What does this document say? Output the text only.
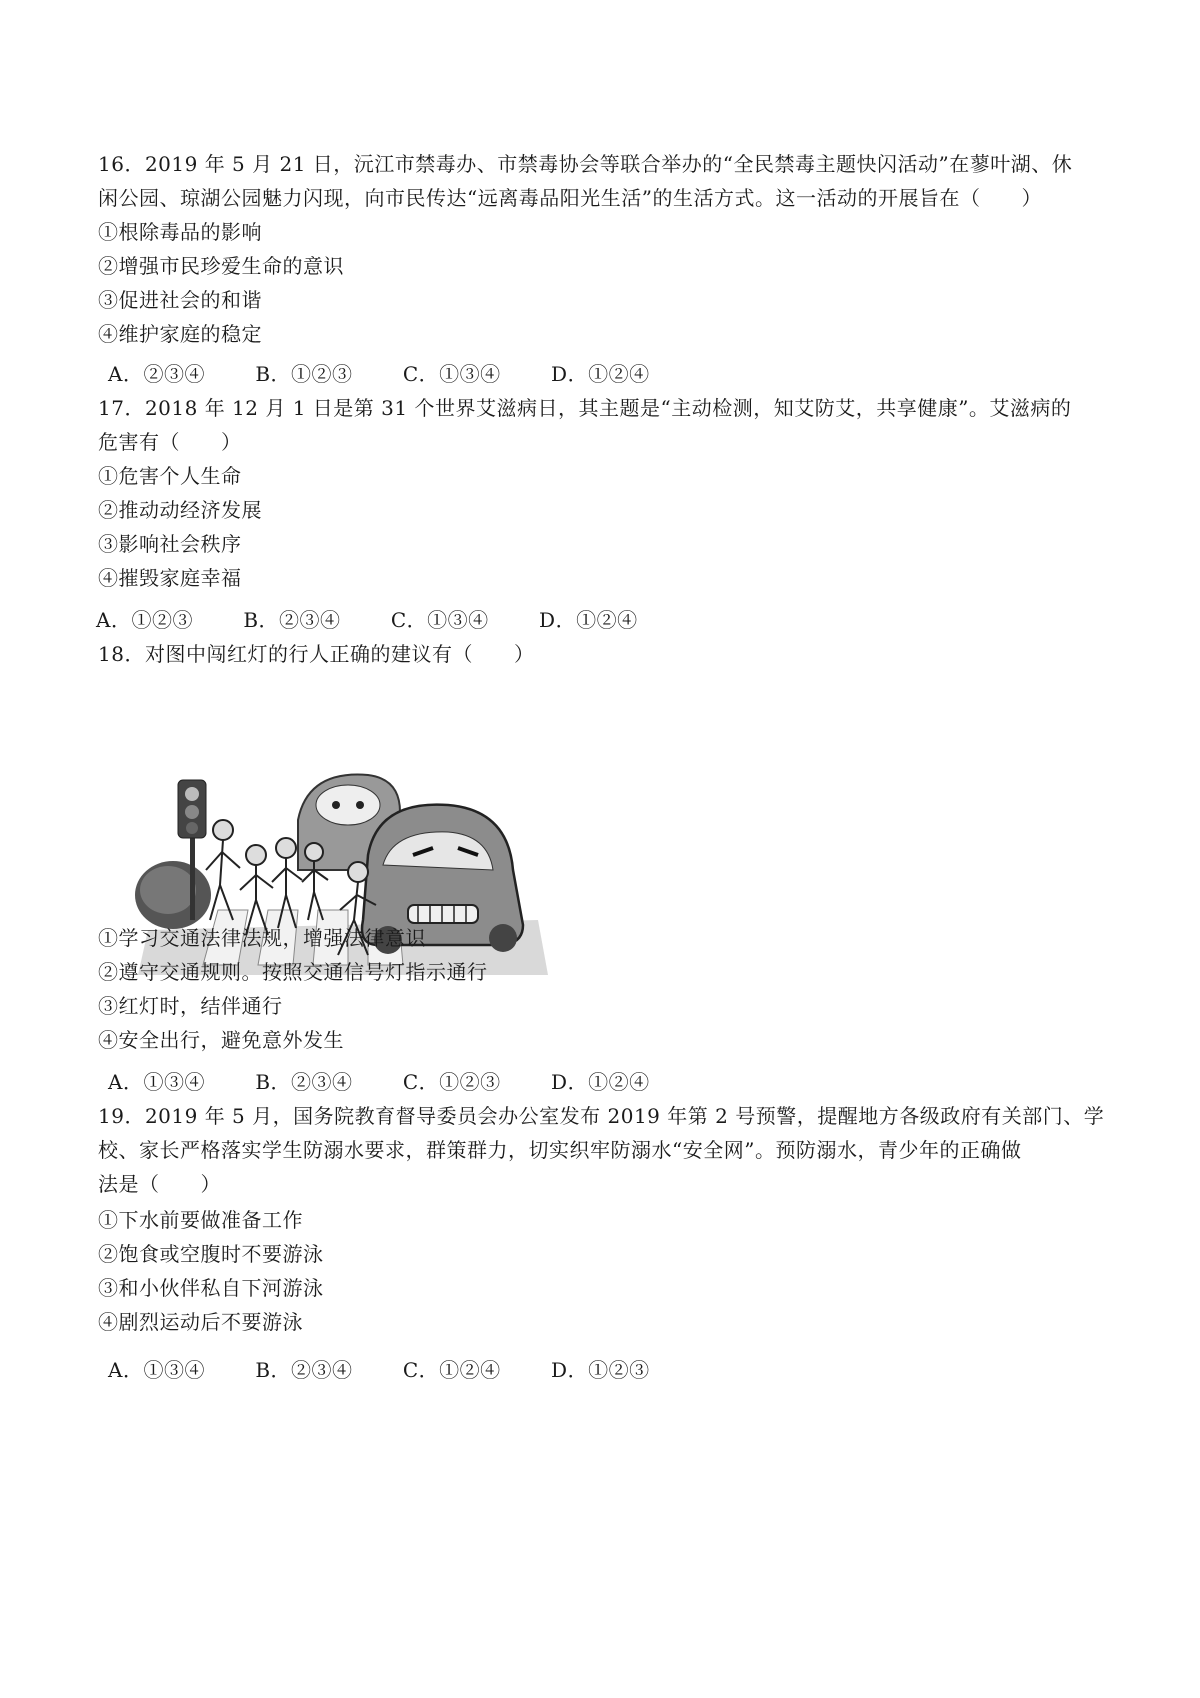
16．2019 年 5 月 21 日，沅江市禁毒办、市禁毒协会等联合举办的“全民禁毒主题快闪活动”在蓼叶湖、休
闲公园、琼湖公园魅力闪现，向市民传达“远离毒品阳光生活”的生活方式。这一活动的开展旨在（　　）
①根除毒品的影响
②增强市民珍爱生命的意识
③促进社会的和谐
④维护家庭的稳定
A．②③④	B．①②③	C．①③④	D．①②④
17．2018 年 12 月 1 日是第 31 个世界艾滋病日，其主题是“主动检测，知艾防艾，共享健康”。艾滋病的
危害有（　　）
①危害个人生命
②推动动经济发展
③影响社会秩序
④摧毁家庭幸福
A．①②③	B．②③④	C．①③④	D．①②④
18．对图中闯红灯的行人正确的建议有（　　）
①学习交通法律法规，增强法律意识
②遵守交通规则。按照交通信号灯指示通行
③红灯时，结伴通行
④安全出行，避免意外发生
A．①③④	B．②③④	C．①②③	D．①②④
19．2019 年 5 月，国务院教育督导委员会办公室发布 2019 年第 2 号预警，提醒地方各级政府有关部门、学
校、家长严格落实学生防溺水要求，群策群力，切实织牢防溺水“安全网”。预防溺水，青少年的正确做
法是（　　）
①下水前要做准备工作
②饱食或空腹时不要游泳
③和小伙伴私自下河游泳
④剧烈运动后不要游泳
A．①③④	B．②③④	C．①②④	D．①②③
